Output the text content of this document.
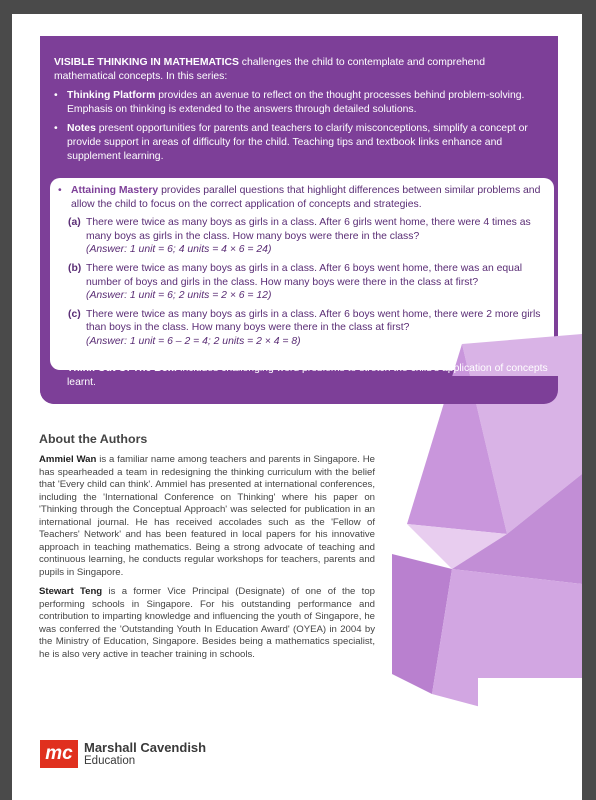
VISIBLE THINKING IN MATHEMATICS challenges the child to contemplate and comprehend mathematical concepts. In this series:
• Thinking Platform provides an avenue to reflect on the thought processes behind problem-solving. Emphasis on thinking is extended to the answers through detailed solutions.
• Notes present opportunities for parents and teachers to clarify misconceptions, simplify a concept or provide support in areas of difficulty for the child. Teaching tips and textbook links enhance and supplement learning.
• Attaining Mastery provides parallel questions that highlight differences between similar problems and allow the child to focus on the correct application of concepts and strategies.
(a) There were twice as many boys as girls in a class. After 6 girls went home, there were 4 times as many boys as girls in the class. How many boys were there in the class?
(Answer: 1 unit = 6; 4 units = 4 × 6 = 24)
(b) There were twice as many boys as girls in a class. After 6 boys went home, there was an equal number of boys and girls in the class. How many boys were there in the class at first?
(Answer: 1 unit = 6; 2 units = 2 × 6 = 12)
(c) There were twice as many boys as girls in a class. After 6 boys went home, there were 2 more girls than boys in the class. How many boys were there in the class at first?
(Answer: 1 unit = 6 – 2 = 4; 2 units = 2 × 4 = 8)
About the Authors
Ammiel Wan is a familiar name among teachers and parents in Singapore. He has spearheaded a team in redesigning the thinking curriculum with the belief that 'Every child can think'. Ammiel has presented at international conferences, including the 'International Conference on Thinking' where his paper on 'Thinking through the Conceptual Approach' was selected for publication in an international journal. He has received accolades such as the 'Fellow of Teachers' Network' and has been featured in local papers for his innovative approach in teaching mathematics. Being a strong advocate of teaching and continuous learning, he conducts regular workshops for teachers, parents and pupils in Singapore.
Stewart Teng is a former Vice Principal (Designate) of one of the top performing schools in Singapore. For his outstanding performance and contribution to imparting knowledge and influencing the youth of Singapore, he was conferred the 'Outstanding Youth In Education Award' (OYEA) in 2004 by the Ministry of Education, Singapore. Besides being a mathematics specialist, he is also very active in teacher training in schools.
mc Marshall Cavendish
Education
• Think Out Of The Box! includes challenging word problems to stretch the child's application of concepts learnt.
